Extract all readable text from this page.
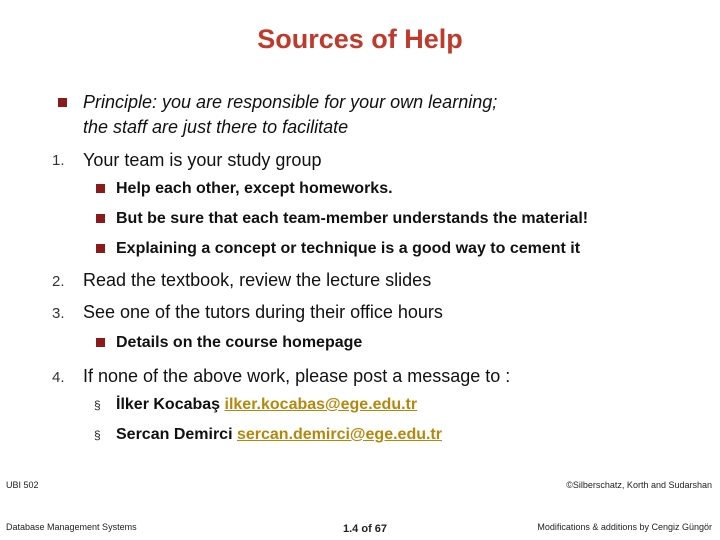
Sources of Help
Principle: you are responsible for your own learning;
the staff are just there to facilitate
1. Your team is your study group
Help each other, except homeworks.
But be sure that each team-member understands the material!
Explaining a concept or technique is a good way to cement it
2. Read the textbook, review the lecture slides
3. See one of the tutors during their office hours
Details on the course homepage
4. If none of the above work, please post a message to :
§ İlker Kocabaş ilker.kocabas@ege.edu.tr
§ Sercan Demirci sercan.demirci@ege.edu.tr
UBI 502
Database Management Systems	1.4 of 67
©Silberschatz, Korth and Sudarshan
Modifications & additions by Cengiz Güngör
